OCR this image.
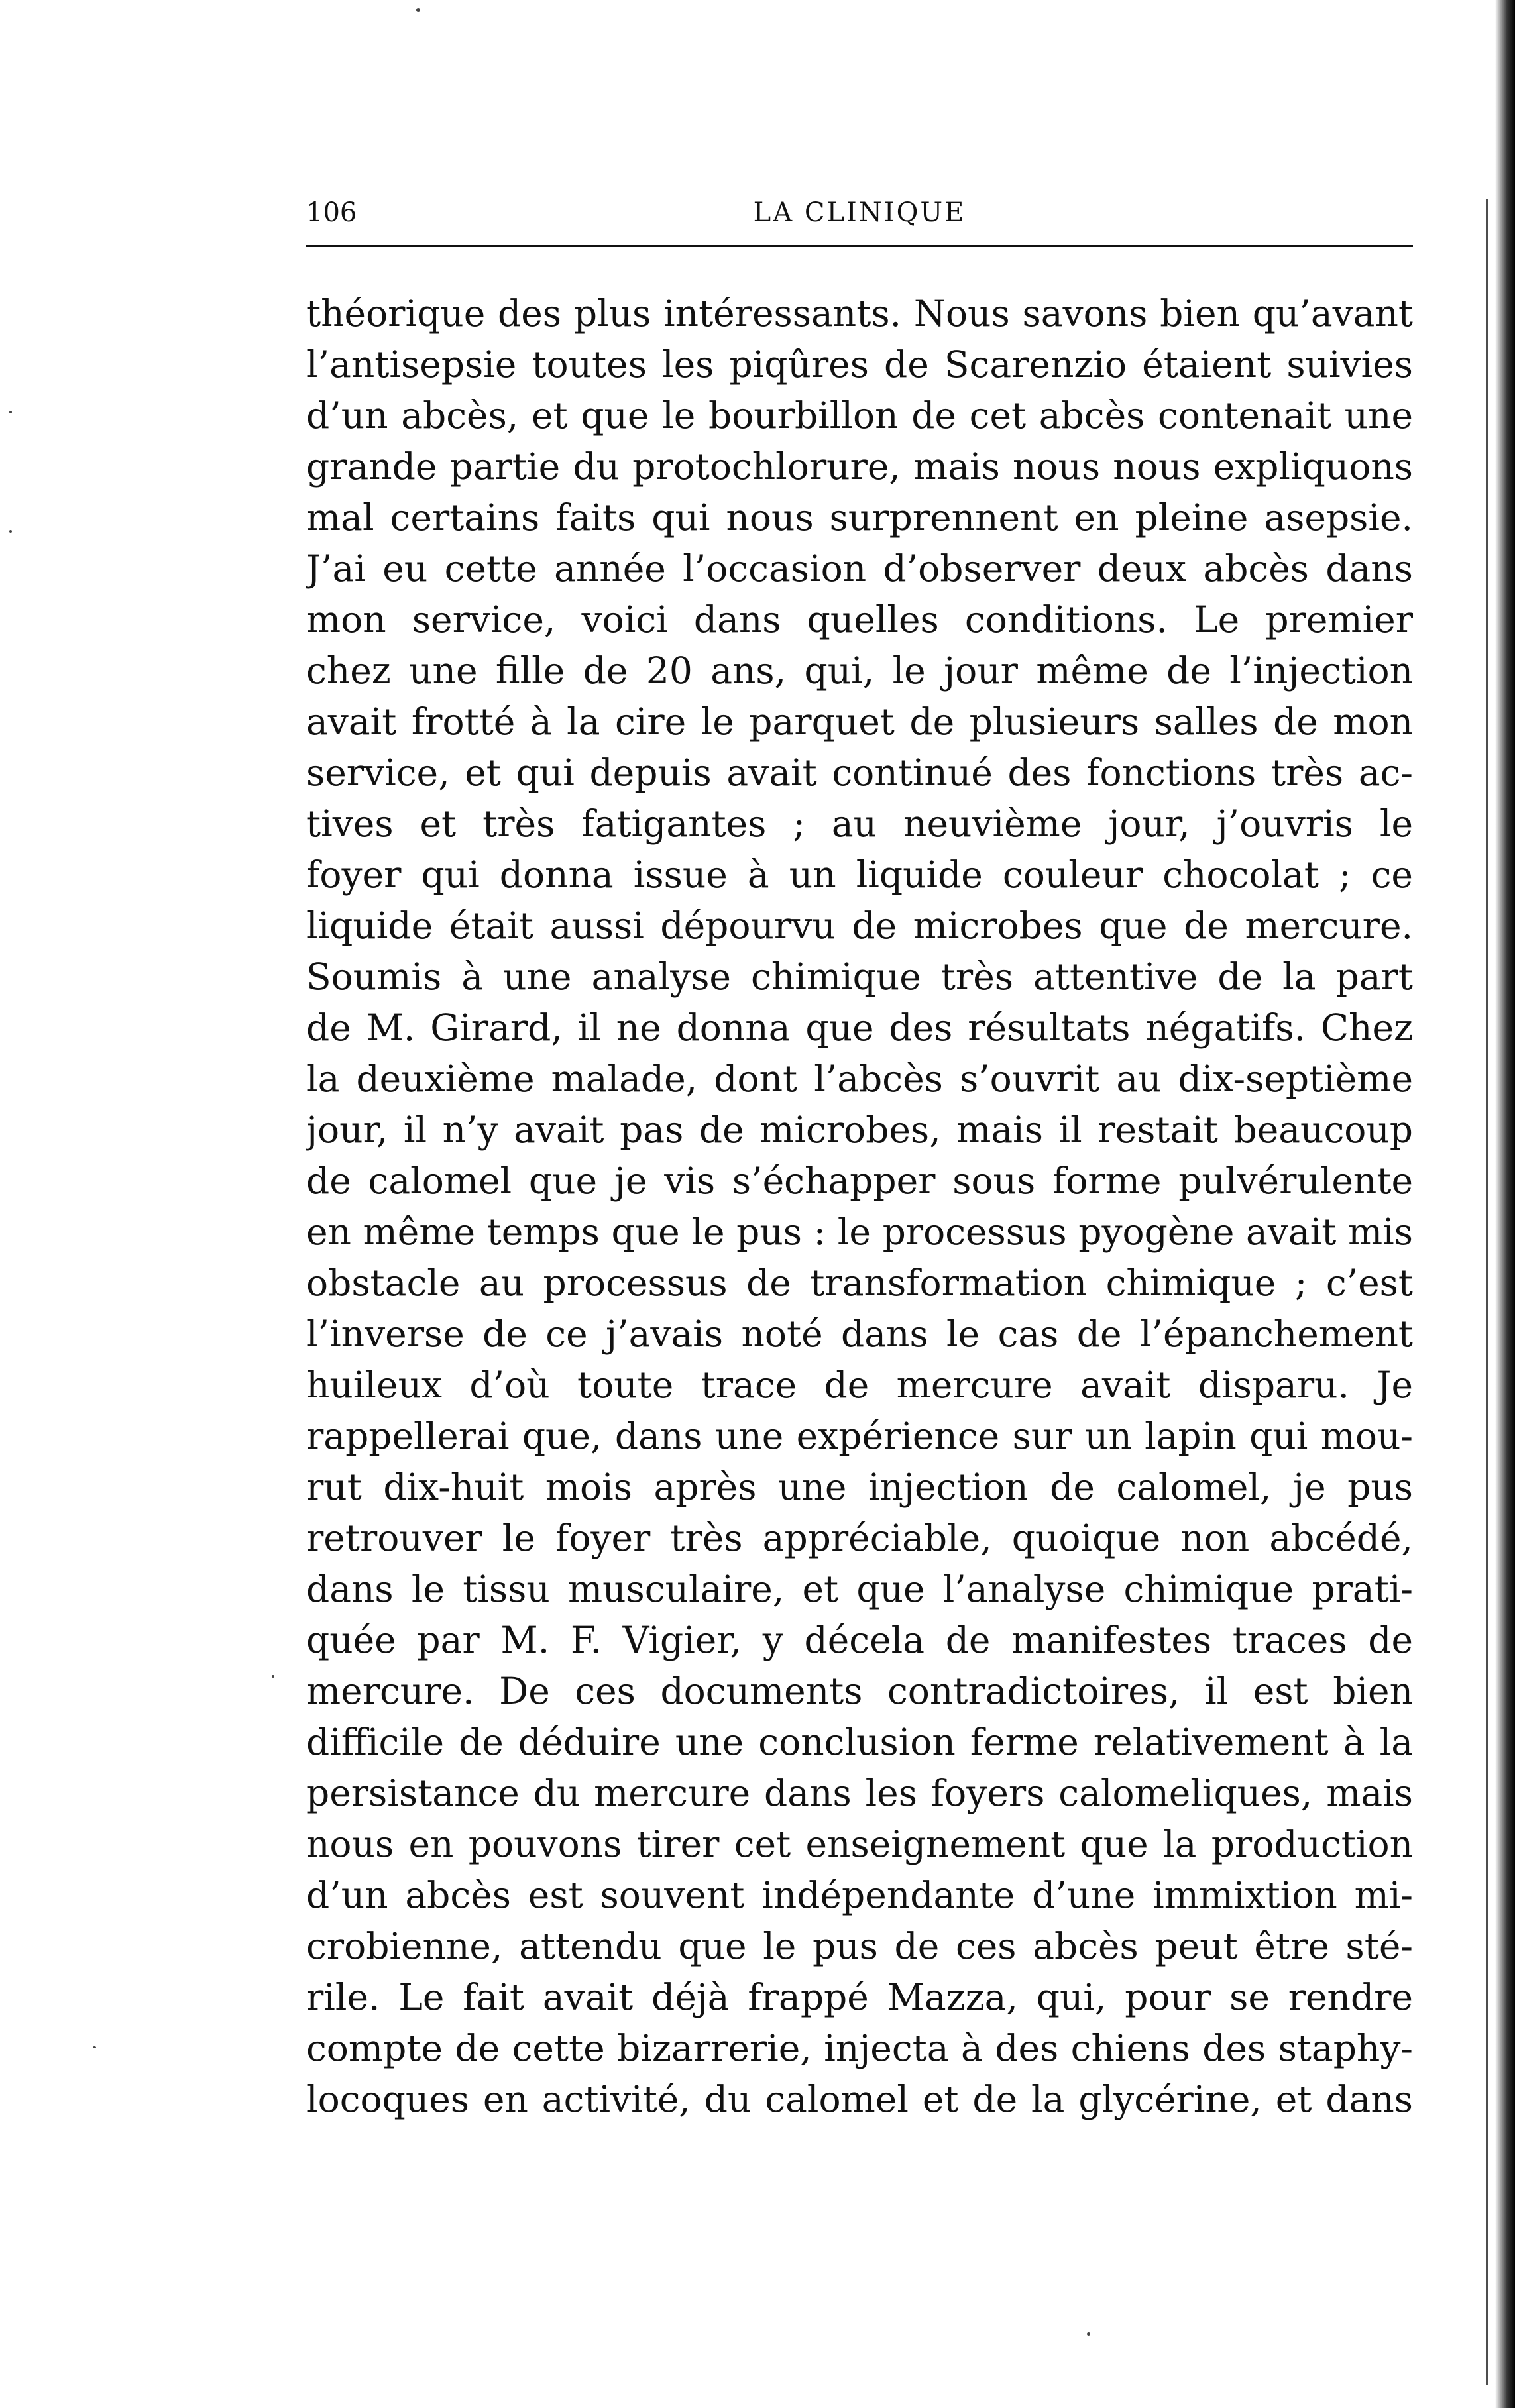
106	LA CLINIQUE
théorique des plus intéressants. Nous savons bien qu’avant
l’antisepsie toutes les piqûres de Scarenzio étaient suivies
d’un abcès, et que le bourbillon de cet abcès contenait une
grande partie du protochlorure, mais nous nous expliquons
mal certains faits qui nous surprennent en pleine asepsie.
J’ai eu cette année l’occasion d’observer deux abcès dans
mon service, voici dans quelles conditions. Le premier
chez une fille de 20 ans, qui, le jour même de l’injection
avait frotté à la cire le parquet de plusieurs salles de mon
service, et qui depuis avait continué des fonctions très ac-
tives et très fatigantes ; au neuvième jour, j’ouvris le
foyer qui donna issue à un liquide couleur chocolat ; ce
liquide était aussi dépourvu de microbes que de mercure.
Soumis à une analyse chimique très attentive de la part
de M. Girard, il ne donna que des résultats négatifs. Chez
la deuxième malade, dont l’abcès s’ouvrit au dix-septième
jour, il n’y avait pas de microbes, mais il restait beaucoup
de calomel que je vis s’échapper sous forme pulvérulente
en même temps que le pus : le processus pyogène avait mis
obstacle au processus de transformation chimique ; c’est
l’inverse de ce j’avais noté dans le cas de l’épanchement
huileux d’où toute trace de mercure avait disparu. Je
rappellerai que, dans une expérience sur un lapin qui mou-
rut dix-huit mois après une injection de calomel, je pus
retrouver le foyer très appréciable, quoique non abcédé,
dans le tissu musculaire, et que l’analyse chimique prati-
quée par M. F. Vigier, y décela de manifestes traces de
mercure. De ces documents contradictoires, il est bien
difficile de déduire une conclusion ferme relativement à la
persistance du mercure dans les foyers calomeliques, mais
nous en pouvons tirer cet enseignement que la production
d’un abcès est souvent indépendante d’une immixtion mi-
crobienne, attendu que le pus de ces abcès peut être sté-
rile. Le fait avait déjà frappé Mazza, qui, pour se rendre
compte de cette bizarrerie, injecta à des chiens des staphy-
locoques en activité, du calomel et de la glycérine, et dans
